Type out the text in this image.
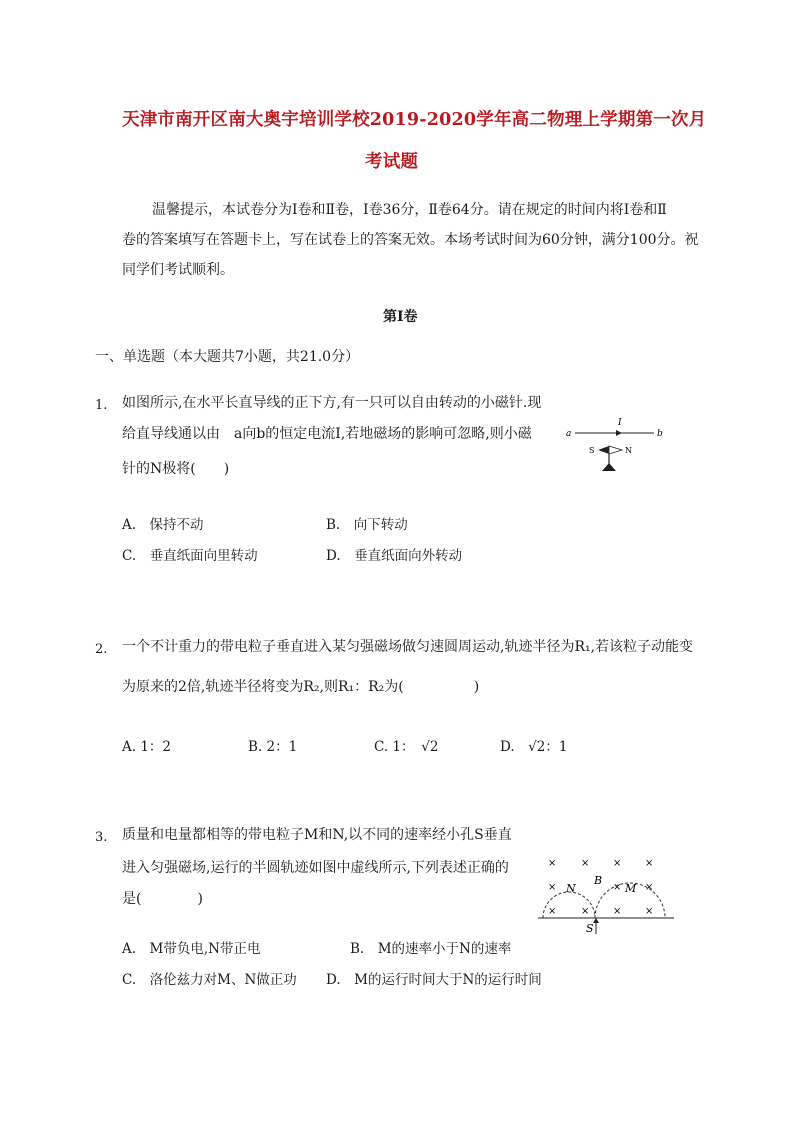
天津市南开区南大奥宇培训学校2019-2020学年高二物理上学期第一次月
考试题
温馨提示，本试卷分为Ⅰ卷和Ⅱ卷，Ⅰ卷36分，Ⅱ卷64分。请在规定的时间内将Ⅰ卷和Ⅱ
卷的答案填写在答题卡上，写在试卷上的答案无效。本场考试时间为60分钟，满分100分。祝
同学们考试顺利。
第Ⅰ卷
一、单选题（本大题共7小题，共21.0分）
1. 如图所示,在水平长直导线的正下方,有一只可以自由转动的小磁针.现
给直导线通以由　a向b的恒定电流I,若地磁场的影响可忽略,则小磁
针的N极将(　　)
a	b
I
S	N
A.　保持不动	B.　向下转动
C.　垂直纸面向里转动	D.　垂直纸面向外转动
2. 一个不计重力的带电粒子垂直进入某匀强磁场做匀速圆周运动,轨迹半径为R₁,若该粒子动能变
为原来的2倍,轨迹半径将变为R₂,则R₁：R₂为(　　　　　)
A. 1：2	B. 2：1	C. 1：　√2	D.　√2：1
3. 质量和电量都相等的带电粒子M和N,以不同的速率经小孔S垂直
进入匀强磁场,运行的半圆轨迹如图中虚线所示,下列表述正确的
是(　　　　)
× × × ×
×	× ×
× × × ×
N
B
M
S
A.　M带负电,N带正电	B.　M的速率小于N的速率
C.　洛伦兹力对M、N做正功 D.　M的运行时间大于N的运行时间
